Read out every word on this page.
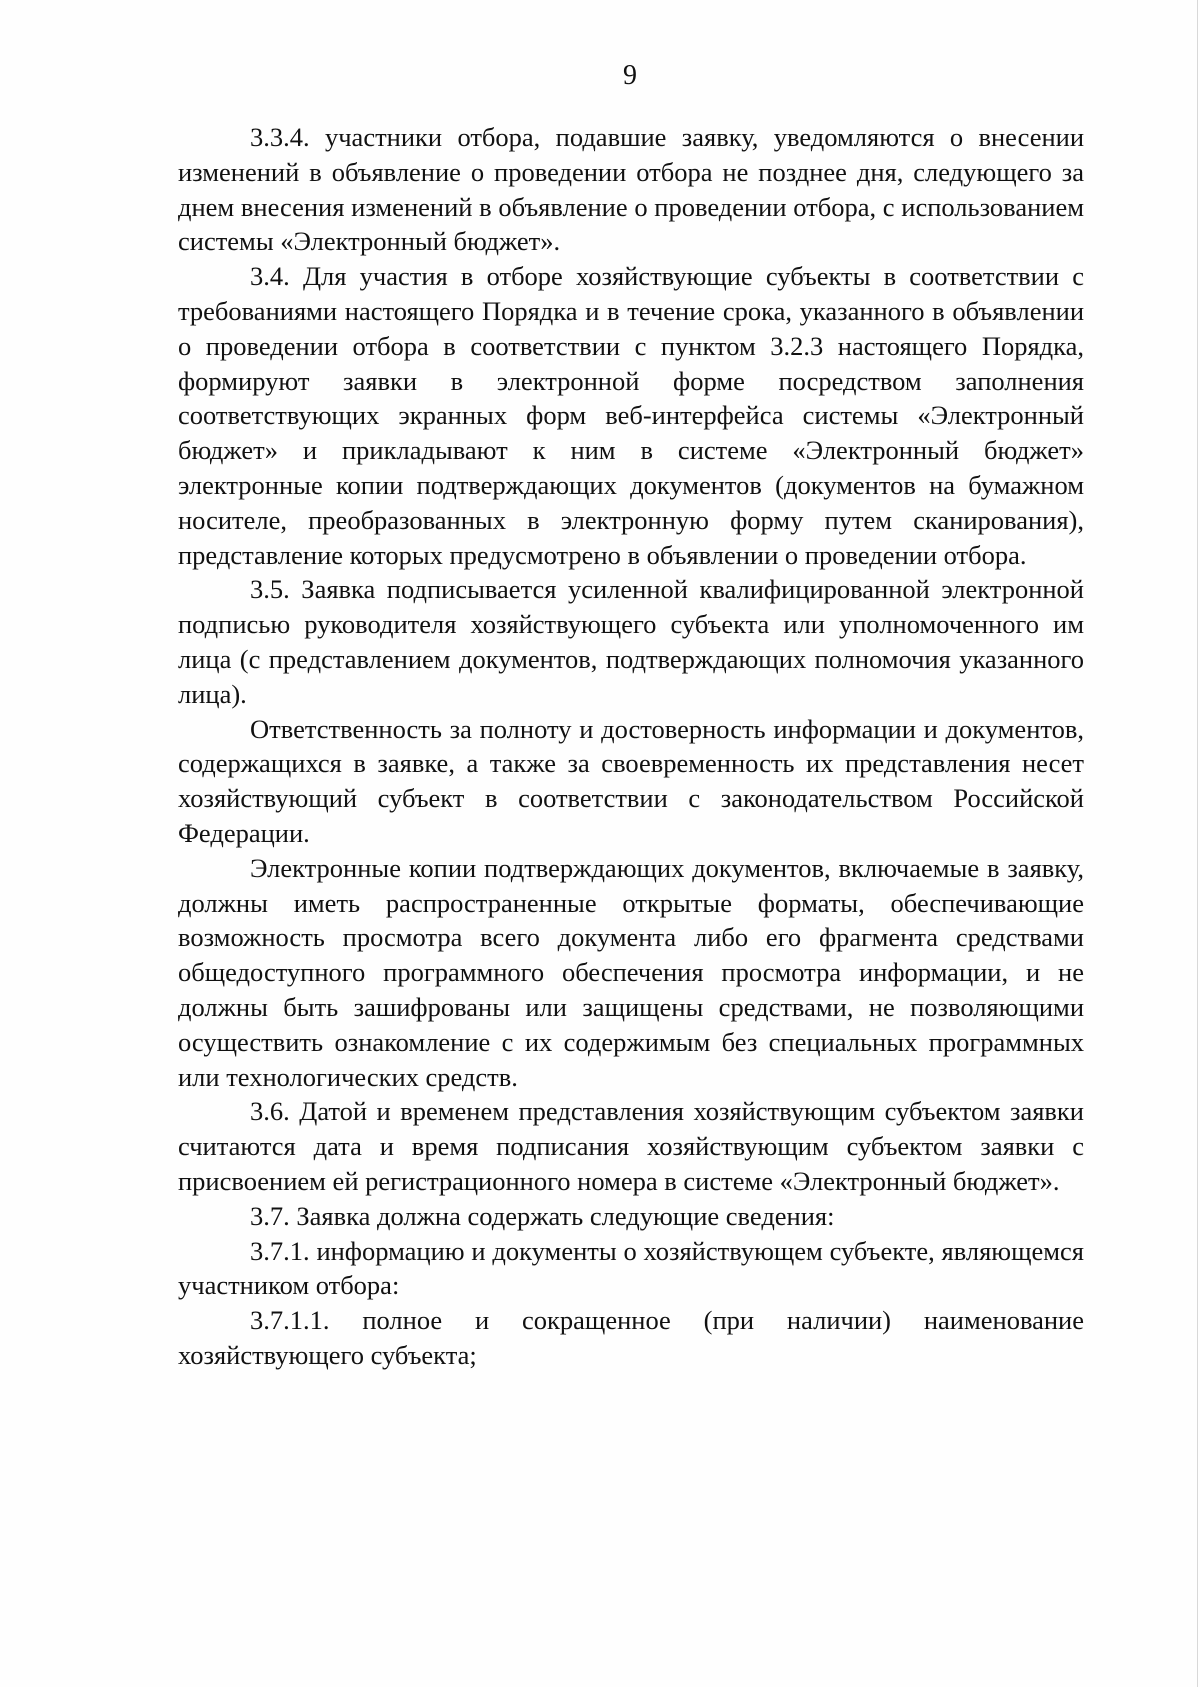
9

3.3.4. участники отбора, подавшие заявку, уведомляются о внесении изменений в объявление о проведении отбора не позднее дня, следующего за днем внесения изменений в объявление о проведении отбора, с использованием системы «Электронный бюджет».

3.4. Для участия в отборе хозяйствующие субъекты в соответствии с требованиями настоящего Порядка и в течение срока, указанного в объявлении о проведении отбора в соответствии с пунктом 3.2.3 настоящего Порядка, формируют заявки в электронной форме посредством заполнения соответствующих экранных форм веб-интерфейса системы «Электронный бюджет» и прикладывают к ним в системе «Электронный бюджет» электронные копии подтверждающих документов (документов на бумажном носителе, преобразованных в электронную форму путем сканирования), представление которых предусмотрено в объявлении о проведении отбора.

3.5. Заявка подписывается усиленной квалифицированной электронной подписью руководителя хозяйствующего субъекта или уполномоченного им лица (с представлением документов, подтверждающих полномочия указанного лица).

Ответственность за полноту и достоверность информации и документов, содержащихся в заявке, а также за своевременность их представления несет хозяйствующий субъект в соответствии с законодательством Российской Федерации.

Электронные копии подтверждающих документов, включаемые в заявку, должны иметь распространенные открытые форматы, обеспечивающие возможность просмотра всего документа либо его фрагмента средствами общедоступного программного обеспечения просмотра информации, и не должны быть зашифрованы или защищены средствами, не позволяющими осуществить ознакомление с их содержимым без специальных программных или технологических средств.

3.6. Датой и временем представления хозяйствующим субъектом заявки считаются дата и время подписания хозяйствующим субъектом заявки с присвоением ей регистрационного номера в системе «Электронный бюджет».

3.7. Заявка должна содержать следующие сведения:

3.7.1. информацию и документы о хозяйствующем субъекте, являющемся участником отбора:

3.7.1.1. полное и сокращенное (при наличии) наименование хозяйствующего субъекта;
